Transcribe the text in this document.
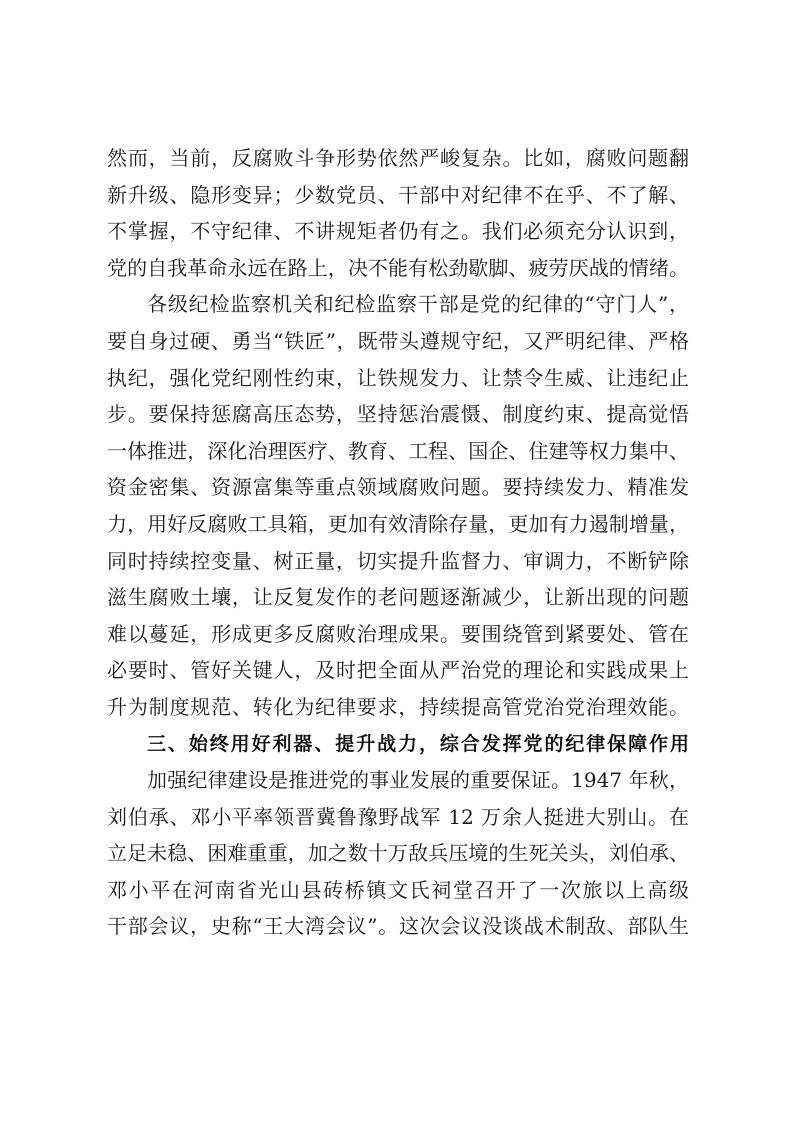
然而，当前，反腐败斗争形势依然严峻复杂。比如，腐败问题翻
新升级、隐形变异；少数党员、干部中对纪律不在乎、不了解、
不掌握，不守纪律、不讲规矩者仍有之。我们必须充分认识到，
党的自我革命永远在路上，决不能有松劲歇脚、疲劳厌战的情绪。
各级纪检监察机关和纪检监察干部是党的纪律的“守门人”，
要自身过硬、勇当“铁匠”，既带头遵规守纪，又严明纪律、严格
执纪，强化党纪刚性约束，让铁规发力、让禁令生威、让违纪止
步。要保持惩腐高压态势，坚持惩治震慑、制度约束、提高觉悟
一体推进，深化治理医疗、教育、工程、国企、住建等权力集中、
资金密集、资源富集等重点领域腐败问题。要持续发力、精准发
力，用好反腐败工具箱，更加有效清除存量，更加有力遏制增量，
同时持续控变量、树正量，切实提升监督力、审调力，不断铲除
滋生腐败土壤，让反复发作的老问题逐渐减少，让新出现的问题
难以蔓延，形成更多反腐败治理成果。要围绕管到紧要处、管在
必要时、管好关键人，及时把全面从严治党的理论和实践成果上
升为制度规范、转化为纪律要求，持续提高管党治党治理效能。
三、始终用好利器、提升战力，综合发挥党的纪律保障作用
加强纪律建设是推进党的事业发展的重要保证。1947 年秋，
刘伯承、邓小平率领晋冀鲁豫野战军 12 万余人挺进大别山。在
立足未稳、困难重重，加之数十万敌兵压境的生死关头，刘伯承、
邓小平在河南省光山县砖桥镇文氏祠堂召开了一次旅以上高级
干部会议，史称“王大湾会议”。这次会议没谈战术制敌、部队生
